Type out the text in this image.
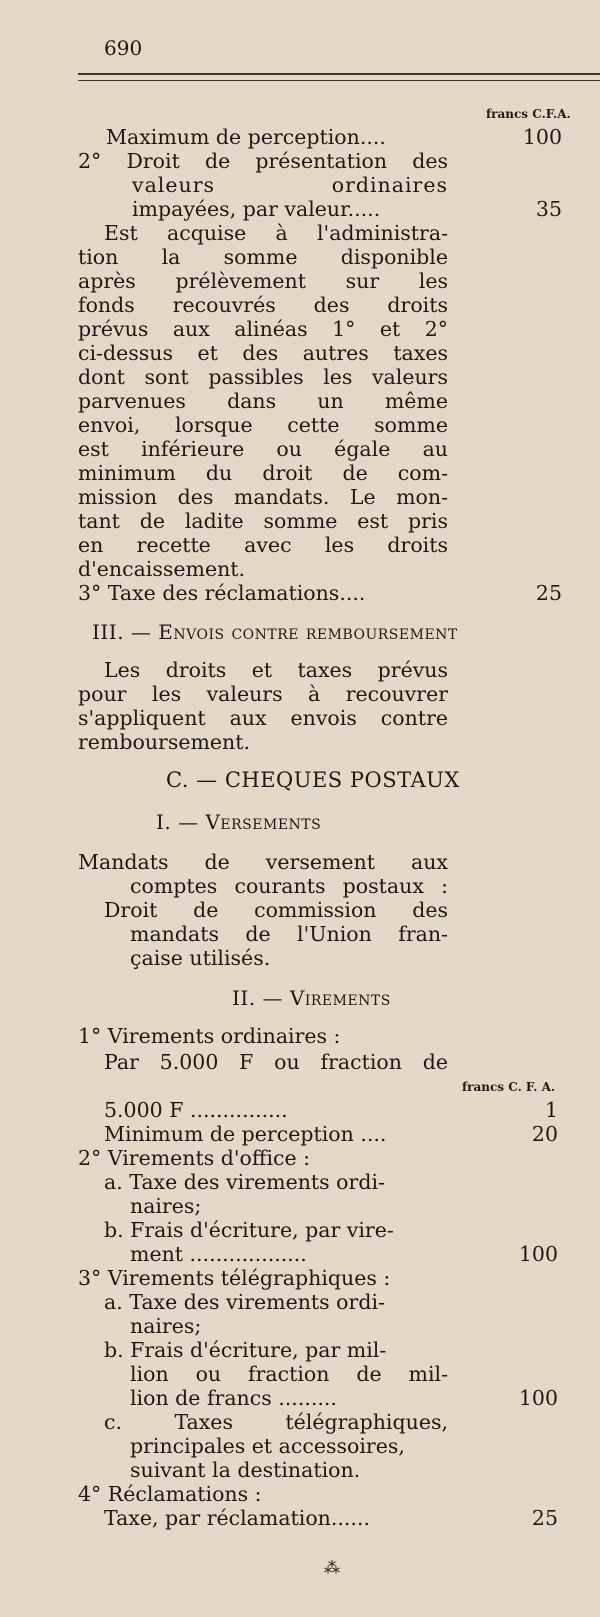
690
francs C.F.A.
Maximum de perception....	100
2° Droit de présentation des
valeurs ordinaires
impayées, par valeur.....	35
Est acquise à l'administra-
tion la somme disponible
après prélèvement sur les
fonds recouvrés des droits
prévus aux alinéas 1° et 2°
ci-dessus et des autres taxes
dont sont passibles les valeurs
parvenues dans un même
envoi, lorsque cette somme
est inférieure ou égale au
minimum du droit de com-
mission des mandats. Le mon-
tant de ladite somme est pris
en recette avec les droits
d'encaissement.
3° Taxe des réclamations....	25
III. — Envois contre remboursement
Les droits et taxes prévus
pour les valeurs à recouvrer
s'appliquent aux envois contre
remboursement.
C. — CHEQUES POSTAUX
I. — Versements
Mandats de versement aux
comptes courants postaux :
Droit de commission des
mandats de l'Union fran-
çaise utilisés.
II. — Virements
1° Virements ordinaires :
Par 5.000 F ou fraction de
francs C. F. A.
5.000 F ...............	1
Minimum de perception ....	20
2° Virements d'office :
a. Taxe des virements ordi-
naires;
b. Frais d'écriture, par vire-
ment ..................	100
3° Virements télégraphiques :
a. Taxe des virements ordi-
naires;
b. Frais d'écriture, par mil-
lion ou fraction de mil-
lion de francs .........	100
c. Taxes télégraphiques,
principales et accessoires,
suivant la destination.
4° Réclamations :
Taxe, par réclamation......	25
⁂
